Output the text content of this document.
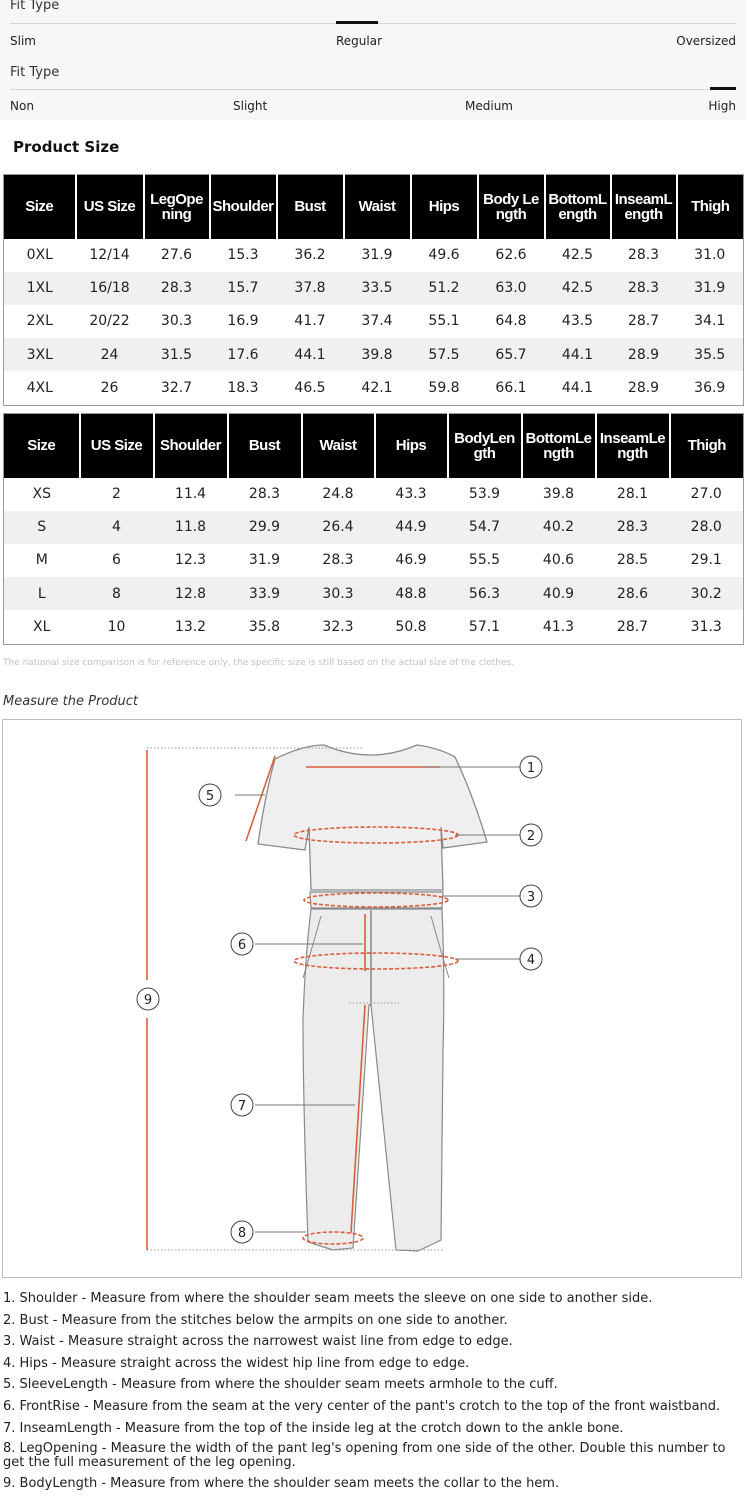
Fit Type
Slim	Regular	Oversized
Fit Type
Non	Slight	Medium	High
Product Size
Size	US Size	LegOpening	Shoulder	Bust	Waist	Hips	Body Length	BottomLength	InseamLength	Thigh
0XL	12/14	27.6	15.3	36.2	31.9	49.6	62.6	42.5	28.3	31.0
1XL	16/18	28.3	15.7	37.8	33.5	51.2	63.0	42.5	28.3	31.9
2XL	20/22	30.3	16.9	41.7	37.4	55.1	64.8	43.5	28.7	34.1
3XL	24	31.5	17.6	44.1	39.8	57.5	65.7	44.1	28.9	35.5
4XL	26	32.7	18.3	46.5	42.1	59.8	66.1	44.1	28.9	36.9
Size	US Size	Shoulder	Bust	Waist	Hips	BodyLength	BottomLength	InseamLength	Thigh
XS	2	11.4	28.3	24.8	43.3	53.9	39.8	28.1	27.0
S	4	11.8	29.9	26.4	44.9	54.7	40.2	28.3	28.0
M	6	12.3	31.9	28.3	46.9	55.5	40.6	28.5	29.1
L	8	12.8	33.9	30.3	48.8	56.3	40.9	28.6	30.2
XL	10	13.2	35.8	32.3	50.8	57.1	41.3	28.7	31.3
The national size comparison is for reference only, the specific size is still based on the actual size of the clothes.
Measure the Product
1
2
3
4
5
6
7
8
9
1. Shoulder - Measure from where the shoulder seam meets the sleeve on one side to another side.
2. Bust - Measure from the stitches below the armpits on one side to another.
3. Waist - Measure straight across the narrowest waist line from edge to edge.
4. Hips - Measure straight across the widest hip line from edge to edge.
5. SleeveLength - Measure from where the shoulder seam meets armhole to the cuff.
6. FrontRise - Measure from the seam at the very center of the pant's crotch to the top of the front waistband.
7. InseamLength - Measure from the top of the inside leg at the crotch down to the ankle bone.
8. LegOpening - Measure the width of the pant leg's opening from one side of the other. Double this number to get the full measurement of the leg opening.
9. BodyLength - Measure from where the shoulder seam meets the collar to the hem.
